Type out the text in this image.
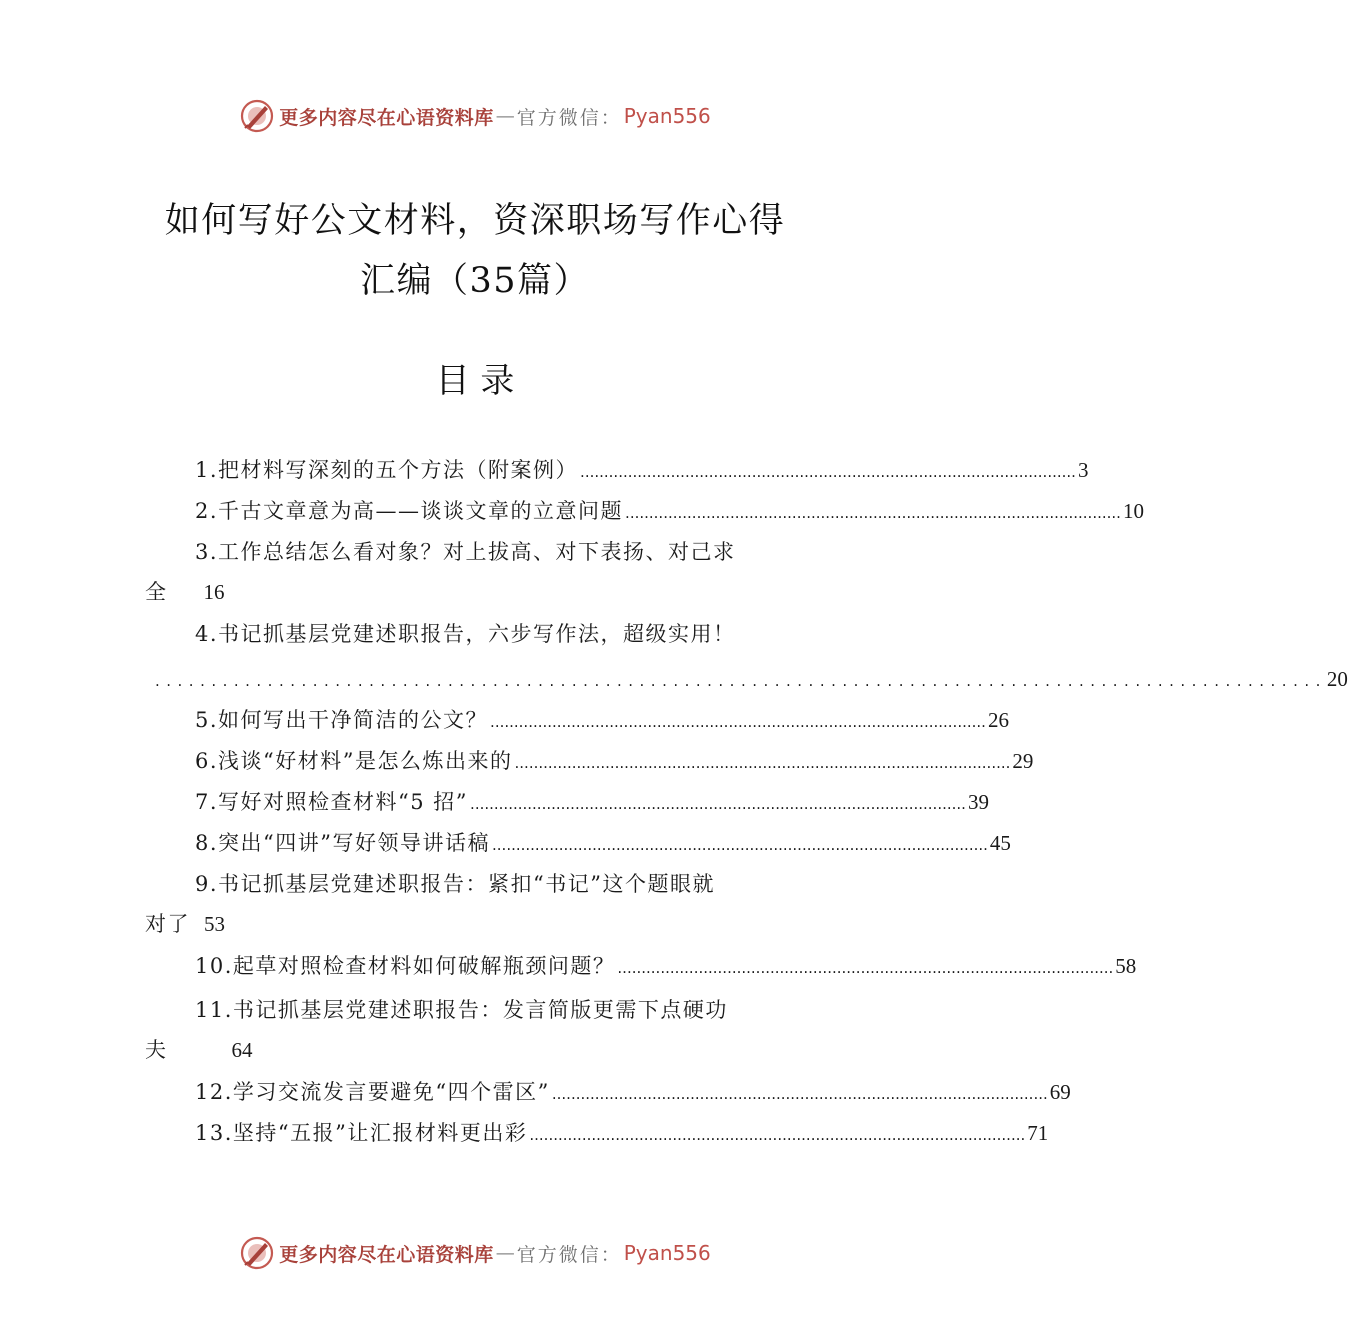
更多内容尽在心语资料库 — 官方微信： Pyan556
如何写好公文材料，资深职场写作心得
汇编（35篇）
目 录
1.把材料写深刻的五个方法（附案例） ........................................................................................................ 3
2.千古文章意为高——谈谈文章的立意问题 ........................................................................................................ 10
3.工作总结怎么看对象？对上拔高、对下表扬、对己求
全 16
4.书记抓基层党建述职报告，六步写作法，超级实用！
........................................................................................................ 20
5.如何写出干净简洁的公文？ ........................................................................................................ 26
6.浅谈“好材料”是怎么炼出来的 ........................................................................................................ 29
7.写好对照检查材料“5 招” ........................................................................................................ 39
8.突出“四讲”写好领导讲话稿 ........................................................................................................ 45
9.书记抓基层党建述职报告：紧扣“书记”这个题眼就
对了 53
10.起草对照检查材料如何破解瓶颈问题？ ........................................................................................................ 58
11.书记抓基层党建述职报告：发言简版更需下点硬功
夫	64
12.学习交流发言要避免“四个雷区” ........................................................................................................ 69
13.坚持“五报”让汇报材料更出彩 ........................................................................................................ 71
更多内容尽在心语资料库 — 官方微信： Pyan556
